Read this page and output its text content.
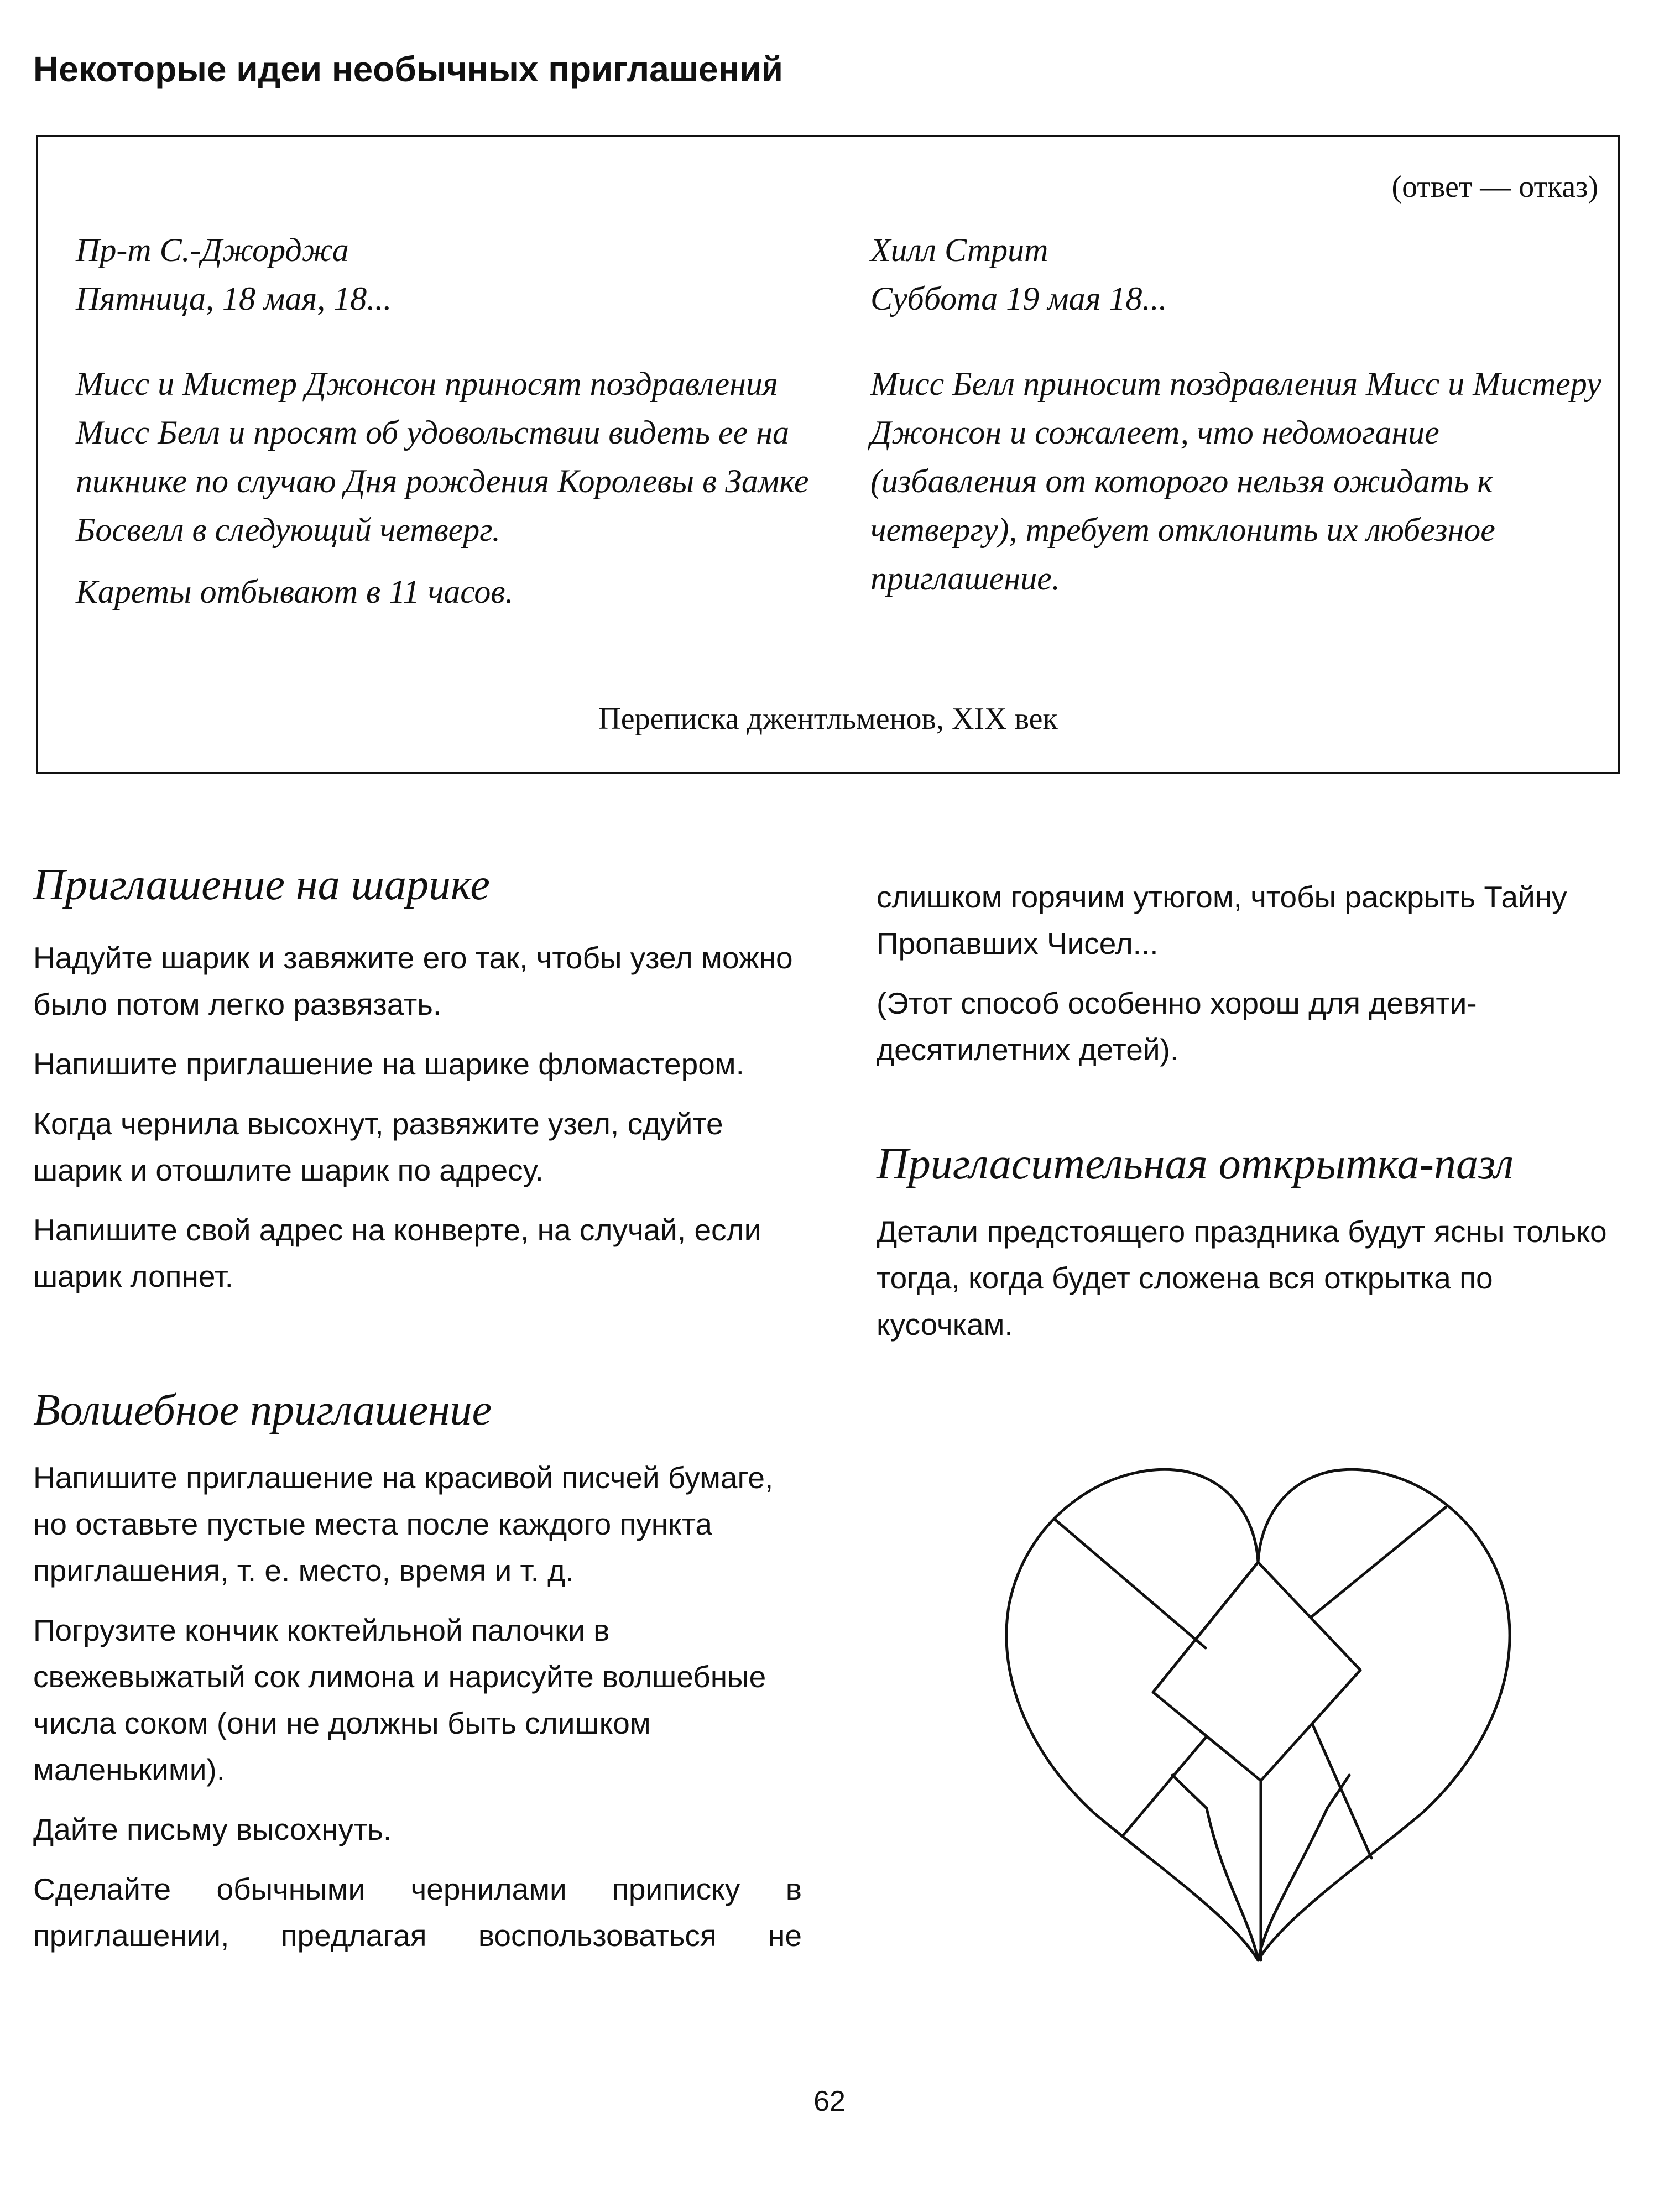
Некоторые идеи необычных приглашений
(ответ — отказ)
Пр-т С.-Джорджа
Пятница, 18 мая, 18...
Мисс и Мистер Джонсон приносят поздравления Мисс Белл и просят об удовольствии видеть ее на пикнике по случаю Дня рождения Королевы в Замке Босвелл в следующий четверг.
Кареты отбывают в 11 часов.
Хилл Стрит
Суббота 19 мая 18...
Мисс Белл приносит поздравления Мисс и Мистеру Джонсон и сожалеет, что недомогание (избавления от которого нельзя ожидать к четвергу), требует отклонить их любезное приглашение.
Переписка джентльменов, XIX век
Приглашение на шарике

Надуйте шарик и завяжите его так, чтобы узел можно было потом легко развязать.

Напишите приглашение на шарике фломастером.

Когда чернила высохнут, развяжите узел, сдуйте шарик и отошлите шарик по адресу.

Напишите свой адрес на конверте, на случай, если шарик лопнет.

Волшебное приглашение

Напишите приглашение на красивой писчей бумаге, но оставьте пустые места после каждого пункта приглашения, т. е. место, время и т. д.

Погрузите кончик коктейльной палочки в свежевыжатый сок лимона и нарисуйте волшебные числа соком (они не должны быть слишком маленькими).

Дайте письму высохнуть.

Сделайте обычными чернилами приписку в приглашении, предлагая воспользоваться не

слишком горячим утюгом, чтобы раскрыть Тайну Пропавших Чисел...

(Этот способ особенно хорош для девяти-десятилетних детей).

Пригласительная открытка-пазл

Детали предстоящего праздника будут ясны только тогда, когда будет сложена вся открытка по кусочкам.

62
